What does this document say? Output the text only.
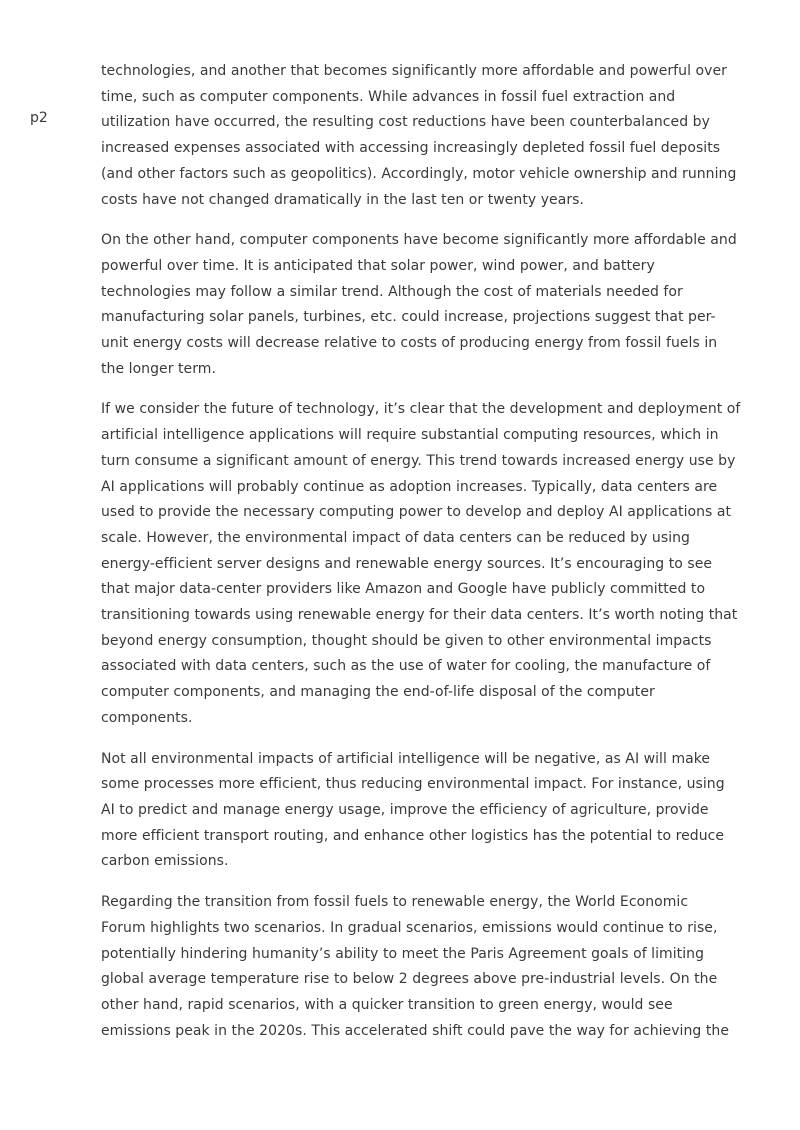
p2

technologies, and another that becomes significantly more affordable and powerful over
time, such as computer components. While advances in fossil fuel extraction and
utilization have occurred, the resulting cost reductions have been counterbalanced by
increased expenses associated with accessing increasingly depleted fossil fuel deposits
(and other factors such as geopolitics). Accordingly, motor vehicle ownership and running
costs have not changed dramatically in the last ten or twenty years.

On the other hand, computer components have become significantly more affordable and
powerful over time. It is anticipated that solar power, wind power, and battery
technologies may follow a similar trend. Although the cost of materials needed for
manufacturing solar panels, turbines, etc. could increase, projections suggest that per-
unit energy costs will decrease relative to costs of producing energy from fossil fuels in
the longer term.

If we consider the future of technology, it’s clear that the development and deployment of
artificial intelligence applications will require substantial computing resources, which in
turn consume a significant amount of energy. This trend towards increased energy use by
AI applications will probably continue as adoption increases. Typically, data centers are
used to provide the necessary computing power to develop and deploy AI applications at
scale. However, the environmental impact of data centers can be reduced by using
energy-efficient server designs and renewable energy sources. It’s encouraging to see
that major data-center providers like Amazon and Google have publicly committed to
transitioning towards using renewable energy for their data centers. It’s worth noting that
beyond energy consumption, thought should be given to other environmental impacts
associated with data centers, such as the use of water for cooling, the manufacture of
computer components, and managing the end-of-life disposal of the computer
components.

Not all environmental impacts of artificial intelligence will be negative, as AI will make
some processes more efficient, thus reducing environmental impact. For instance, using
AI to predict and manage energy usage, improve the efficiency of agriculture, provide
more efficient transport routing, and enhance other logistics has the potential to reduce
carbon emissions.

Regarding the transition from fossil fuels to renewable energy, the World Economic
Forum highlights two scenarios. In gradual scenarios, emissions would continue to rise,
potentially hindering humanity’s ability to meet the Paris Agreement goals of limiting
global average temperature rise to below 2 degrees above pre-industrial levels. On the
other hand, rapid scenarios, with a quicker transition to green energy, would see
emissions peak in the 2020s. This accelerated shift could pave the way for achieving the
